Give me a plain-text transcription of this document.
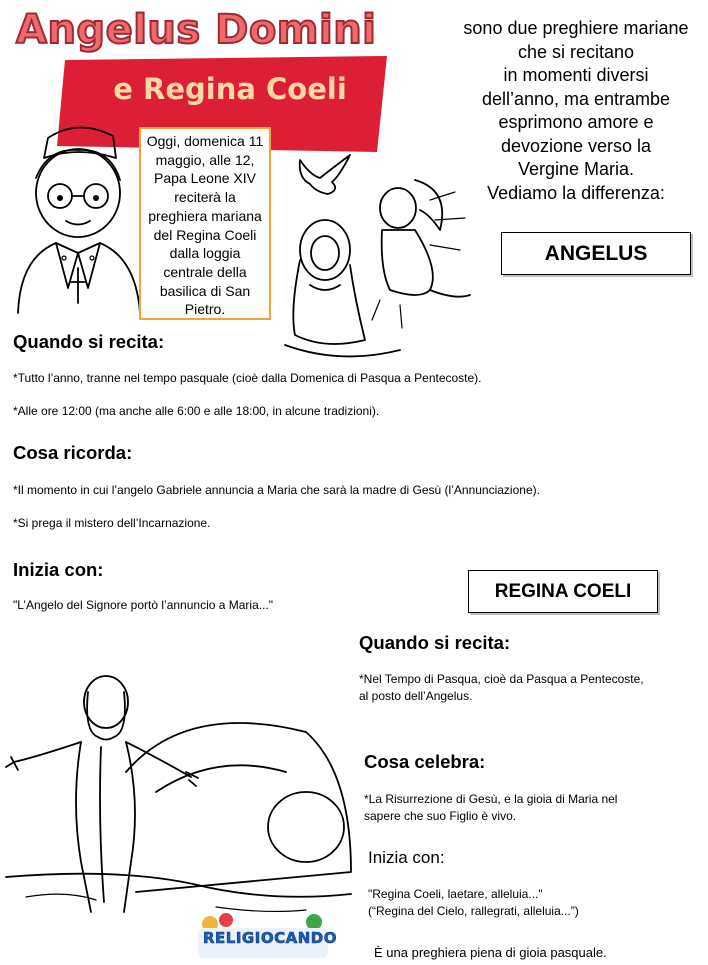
Angelus Domini
e Regina Coeli
sono due preghiere mariane
che si recitano
in momenti diversi
dell’anno, ma entrambe
esprimono amore e
devozione verso la
Vergine Maria.
Vediamo la differenza:
Oggi, domenica 11 maggio, alle 12, Papa Leone XIV reciterà la preghiera mariana del Regina Coeli dalla loggia centrale della basilica di San Pietro.
ANGELUS
Quando si recita:
*Tutto l’anno, tranne nel tempo pasquale (cioè dalla Domenica di Pasqua a Pentecoste).
*Alle ore 12:00 (ma anche alle 6:00 e alle 18:00, in alcune tradizioni).
Cosa ricorda:
*Il momento in cui l’angelo Gabriele annuncia a Maria che sarà la madre di Gesù (l’Annunciazione).
*Si prega il mistero dell’Incarnazione.
Inizia con:
"L’Angelo del Signore portò l’annuncio a Maria..."
REGINA COELI
Quando si recita:
*Nel Tempo di Pasqua, cioè da Pasqua a Pentecoste,
al posto dell’Angelus.
Cosa celebra:
*La Risurrezione di Gesù, e la gioia di Maria nel
sapere che suo Figlio è vivo.
Inizia con:
"Regina Coeli, laetare, alleluia..."
(“Regina del Cielo, rallegrati, alleluia...”)
È una preghiera piena di gioia pasquale.
RELIGIOCANDO
